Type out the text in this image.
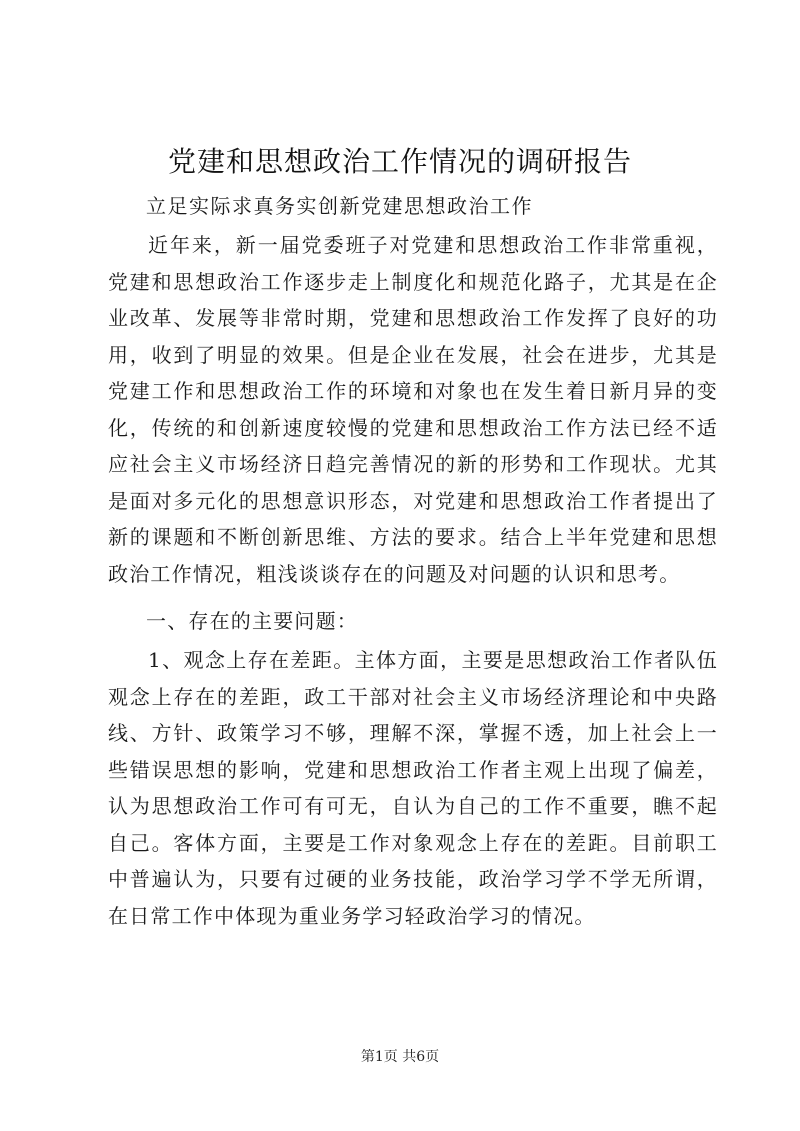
党建和思想政治工作情况的调研报告

立足实际求真务实创新党建思想政治工作

近年来，新一届党委班子对党建和思想政治工作非常重视，党建和思想政治工作逐步走上制度化和规范化路子，尤其是在企业改革、发展等非常时期，党建和思想政治工作发挥了良好的功用，收到了明显的效果。但是企业在发展，社会在进步，尤其是党建工作和思想政治工作的环境和对象也在发生着日新月异的变化，传统的和创新速度较慢的党建和思想政治工作方法已经不适应社会主义市场经济日趋完善情况的新的形势和工作现状。尤其是面对多元化的思想意识形态，对党建和思想政治工作者提出了新的课题和不断创新思维、方法的要求。结合上半年党建和思想政治工作情况，粗浅谈谈存在的问题及对问题的认识和思考。

一、存在的主要问题：

1、观念上存在差距。主体方面，主要是思想政治工作者队伍观念上存在的差距，政工干部对社会主义市场经济理论和中央路线、方针、政策学习不够，理解不深，掌握不透，加上社会上一些错误思想的影响，党建和思想政治工作者主观上出现了偏差，认为思想政治工作可有可无，自认为自己的工作不重要，瞧不起自己。客体方面，主要是工作对象观念上存在的差距。目前职工中普遍认为，只要有过硬的业务技能，政治学习学不学无所谓，在日常工作中体现为重业务学习轻政治学习的情况。

第1页 共6页
